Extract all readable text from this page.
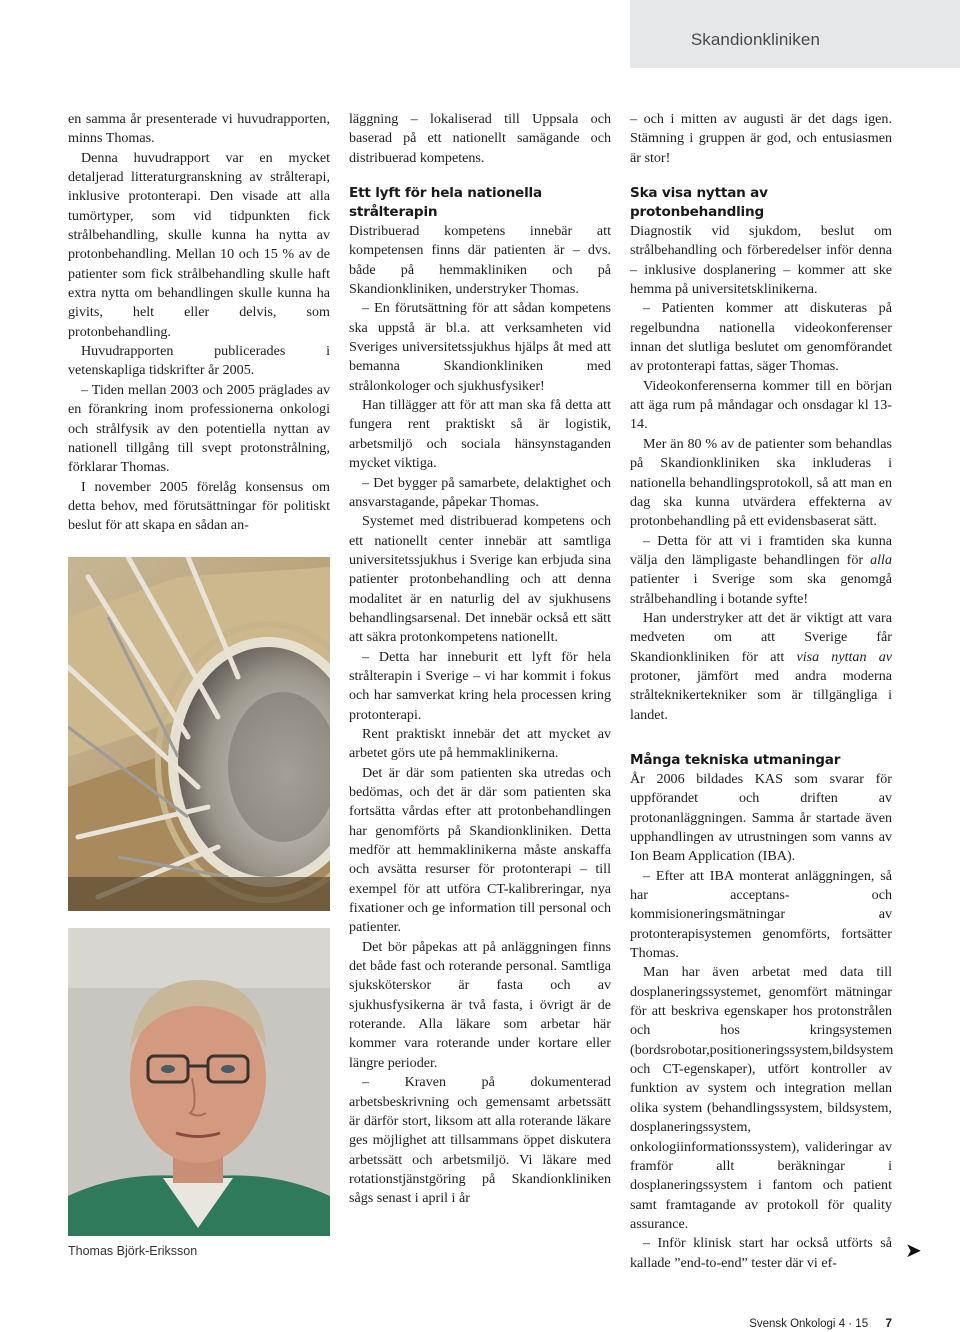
Skandionkliniken

en samma år presenterade vi huvudrapporten, minns Thomas.

Denna huvudrapport var en mycket detaljerad litteraturgranskning av strålterapi, inklusive protonterapi. Den visade att alla tumörtyper, som vid tidpunkten fick strålbehandling, skulle kunna ha nytta av protonbehandling. Mellan 10 och 15 % av de patienter som fick strålbehandling skulle haft extra nytta om behandlingen skulle kunna ha givits, helt eller delvis, som protonbehandling.

Huvudrapporten publicerades i vetenskapliga tidskrifter år 2005.

– Tiden mellan 2003 och 2005 präglades av en förankring inom professionerna onkologi och strålfysik av den potentiella nyttan av nationell tillgång till svept protonstrålning, förklarar Thomas.

I november 2005 förelåg konsensus om detta behov, med förutsättningar för politiskt beslut för att skapa en sådan an-

Thomas Björk-Eriksson

läggning – lokaliserad till Uppsala och baserad på ett nationellt samägande och distribuerad kompetens.

Ett lyft för hela nationella strålterapin

Distribuerad kompetens innebär att kompetensen finns där patienten är – dvs. både på hemmakliniken och på Skandionkliniken, understryker Thomas.

– En förutsättning för att sådan kompetens ska uppstå är bl.a. att verksamheten vid Sveriges universitetssjukhus hjälps åt med att bemanna Skandionkliniken med strålonkologer och sjukhusfysiker!

Han tillägger att för att man ska få detta att fungera rent praktiskt så är logistik, arbetsmiljö och sociala hänsynstaganden mycket viktiga.

– Det bygger på samarbete, delaktighet och ansvarstagande, påpekar Thomas.

Systemet med distribuerad kompetens och ett nationellt center innebär att samtliga universitetssjukhus i Sverige kan erbjuda sina patienter protonbehandling och att denna modalitet är en naturlig del av sjukhusens behandlingsarsenal. Det innebär också ett sätt att säkra protonkompetens nationellt.

– Detta har inneburit ett lyft för hela strålterapin i Sverige – vi har kommit i fokus och har samverkat kring hela processen kring protonterapi.

Rent praktiskt innebär det att mycket av arbetet görs ute på hemmaklinikerna.

Det är där som patienten ska utredas och bedömas, och det är där som patienten ska fortsätta vårdas efter att protonbehandlingen har genomförts på Skandionkliniken. Detta medför att hemmaklinikerna måste anskaffa och avsätta resurser för protonterapi – till exempel för att utföra CT-kalibreringar, nya fixationer och ge information till personal och patienter.

Det bör påpekas att på anläggningen finns det både fast och roterande personal. Samtliga sjuksköterskor är fasta och av sjukhusfysikerna är två fasta, i övrigt är de roterande. Alla läkare som arbetar här kommer vara roterande under kortare eller längre perioder.

– Kraven på dokumenterad arbetsbeskrivning och gemensamt arbetssätt är därför stort, liksom att alla roterande läkare ges möjlighet att tillsammans öppet diskutera arbetssätt och arbetsmiljö. Vi läkare med rotationstjänstgöring på Skandionkliniken sågs senast i april i år

– och i mitten av augusti är det dags igen. Stämning i gruppen är god, och entusiasmen är stor!

Ska visa nyttan av protonbehandling

Diagnostik vid sjukdom, beslut om strålbehandling och förberedelser inför denna – inklusive dosplanering – kommer att ske hemma på universitetsklinikerna.

– Patienten kommer att diskuteras på regelbundna nationella videokonferenser innan det slutliga beslutet om genomförandet av protonterapi fattas, säger Thomas.

Videokonferenserna kommer till en början att äga rum på måndagar och onsdagar kl 13-14.

Mer än 80 % av de patienter som behandlas på Skandionkliniken ska inkluderas i nationella behandlingsprotokoll, så att man en dag ska kunna utvärdera effekterna av protonbehandling på ett evidensbaserat sätt.

– Detta för att vi i framtiden ska kunna välja den lämpligaste behandlingen för alla patienter i Sverige som ska genomgå strålbehandling i botande syfte!

Han understryker att det är viktigt att vara medveten om att Sverige får Skandionkliniken för att visa nyttan av protoner, jämfört med andra moderna strålteknikertekniker som är tillgängliga i landet.

Många tekniska utmaningar

År 2006 bildades KAS som svarar för uppförandet och driften av protonanläggningen. Samma år startade även upphandlingen av utrustningen som vanns av Ion Beam Application (IBA).

– Efter att IBA monterat anläggningen, så har acceptans- och kommisioneringsmätningar av protonterapisystemen genomförts, fortsätter Thomas.

Man har även arbetat med data till dosplaneringssystemet, genomfört mätningar för att beskriva egenskaper hos protonstrålen och hos kringsystemen (bordsrobotar,positioneringssystem,bildsystem och CT-egenskaper), utfört kontroller av funktion av system och integration mellan olika system (behandlingssystem, bildsystem, dosplaneringssystem, onkologiinformationssystem), valideringar av framför allt beräkningar i dosplaneringssystem i fantom och patient samt framtagande av protokoll för quality assurance.

– Inför klinisk start har också utförts så kallade ”end-to-end” tester där vi ef-

➤
Svensk Onkologi 4 · 15 7
